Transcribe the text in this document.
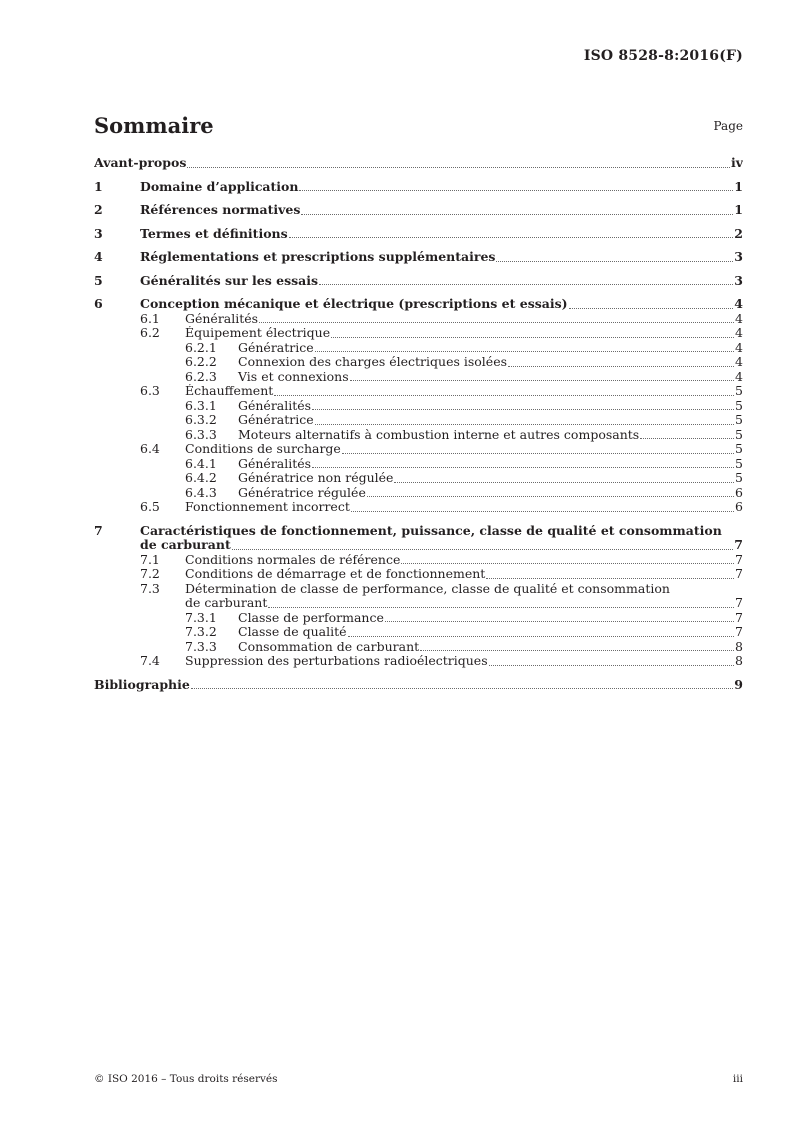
ISO 8528-8:2016(F)
Sommaire	Page
Avant-propos	iv
1	Domaine d’application	1
2	Références normatives	1
3	Termes et définitions	2
4	Réglementations et prescriptions supplémentaires	3
5	Généralités sur les essais	3
6	Conception mécanique et électrique (prescriptions et essais)	4
6.1	Généralités	4
6.2	Équipement électrique	4
6.2.1	Génératrice	4
6.2.2	Connexion des charges électriques isolées	4
6.2.3	Vis et connexions	4
6.3	Échauffement	5
6.3.1	Généralités	5
6.3.2	Génératrice	5
6.3.3	Moteurs alternatifs à combustion interne et autres composants	5
6.4	Conditions de surcharge	5
6.4.1	Généralités	5
6.4.2	Génératrice non régulée	5
6.4.3	Génératrice régulée	6
6.5	Fonctionnement incorrect	6
7	Caractéristiques de fonctionnement, puissance, classe de qualité et consommation
de carburant	7
7.1	Conditions normales de référence	7
7.2	Conditions de démarrage et de fonctionnement	7
7.3 Détermination de classe de performance, classe de qualité et consommation
de carburant	7
7.3.1	Classe de performance	7
7.3.2	Classe de qualité	7
7.3.3	Consommation de carburant	8
7.4	Suppression des perturbations radioélectriques	8
Bibliographie	9
© ISO 2016 – Tous droits réservés	iii
